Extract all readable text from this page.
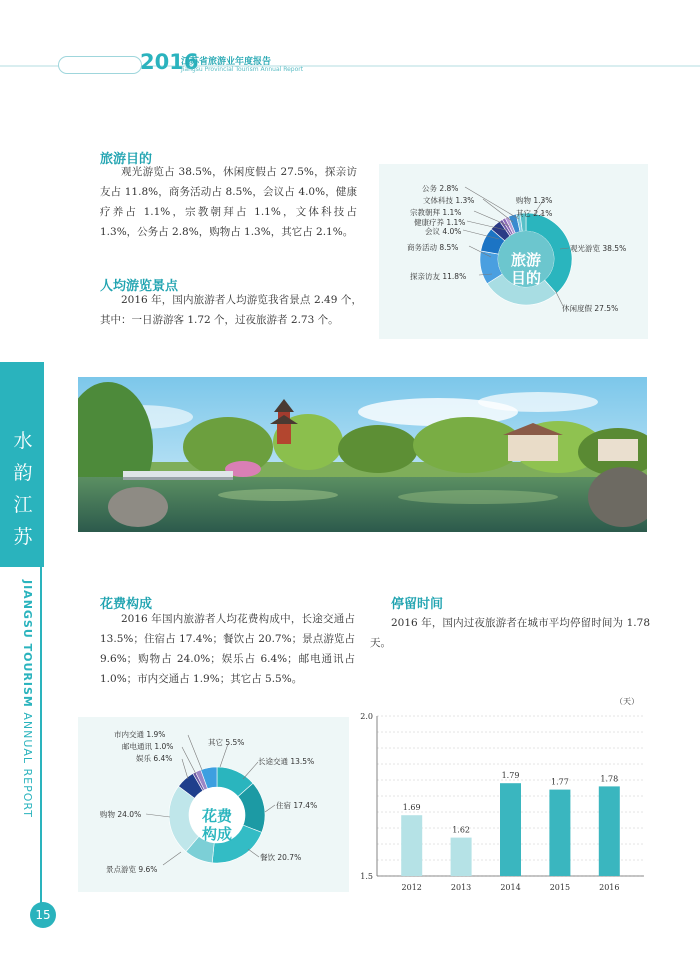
2016
江苏省旅游业年度报告
Jiangsu Provincial Tourism Annual Report
水
韵
江
苏
JIANGSU TOURISM ANNUAL REPORT
15
旅游目的
观光游览占 38.5%，休闲度假占 27.5%，探亲访友占 11.8%，商务活动占 8.5%，会议占 4.0%，健康疗养占 1.1%，宗教朝拜占 1.1%，文体科技占 1.3%，公务占 2.8%，购物占 1.3%，其它占 2.1%。
人均游览景点
2016 年，国内旅游者人均游览我省景点 2.49 个，其中：一日游游客 1.72 个，过夜旅游者 2.73 个。
旅游
目的
观光游览 38.5%
休闲度假 27.5%
探亲访友 11.8%
商务活动 8.5%
会议 4.0%
健康疗养 1.1%
宗教朝拜 1.1%
文体科技 1.3%
公务 2.8%
购物 1.3%
其它 2.1%
花费构成
2016 年国内旅游者人均花费构成中，长途交通占 13.5%；住宿占 17.4%；餐饮占 20.7%；景点游览占 9.6%；购物占 24.0%；娱乐占 6.4%；邮电通讯占 1.0%；市内交通占 1.9%；其它占 5.5%。
花费
构成
长途交通 13.5%
住宿 17.4%
餐饮 20.7%
景点游览 9.6%
购物 24.0%
娱乐 6.4%
邮电通讯 1.0%
市内交通 1.9%
其它 5.5%
停留时间
2016 年，国内过夜旅游者在城市平均停留时间为 1.78 天。
（天）
2.0
1.5
1.69
2012
1.62
2013
1.79
2014
1.77
2015
1.78
2016
